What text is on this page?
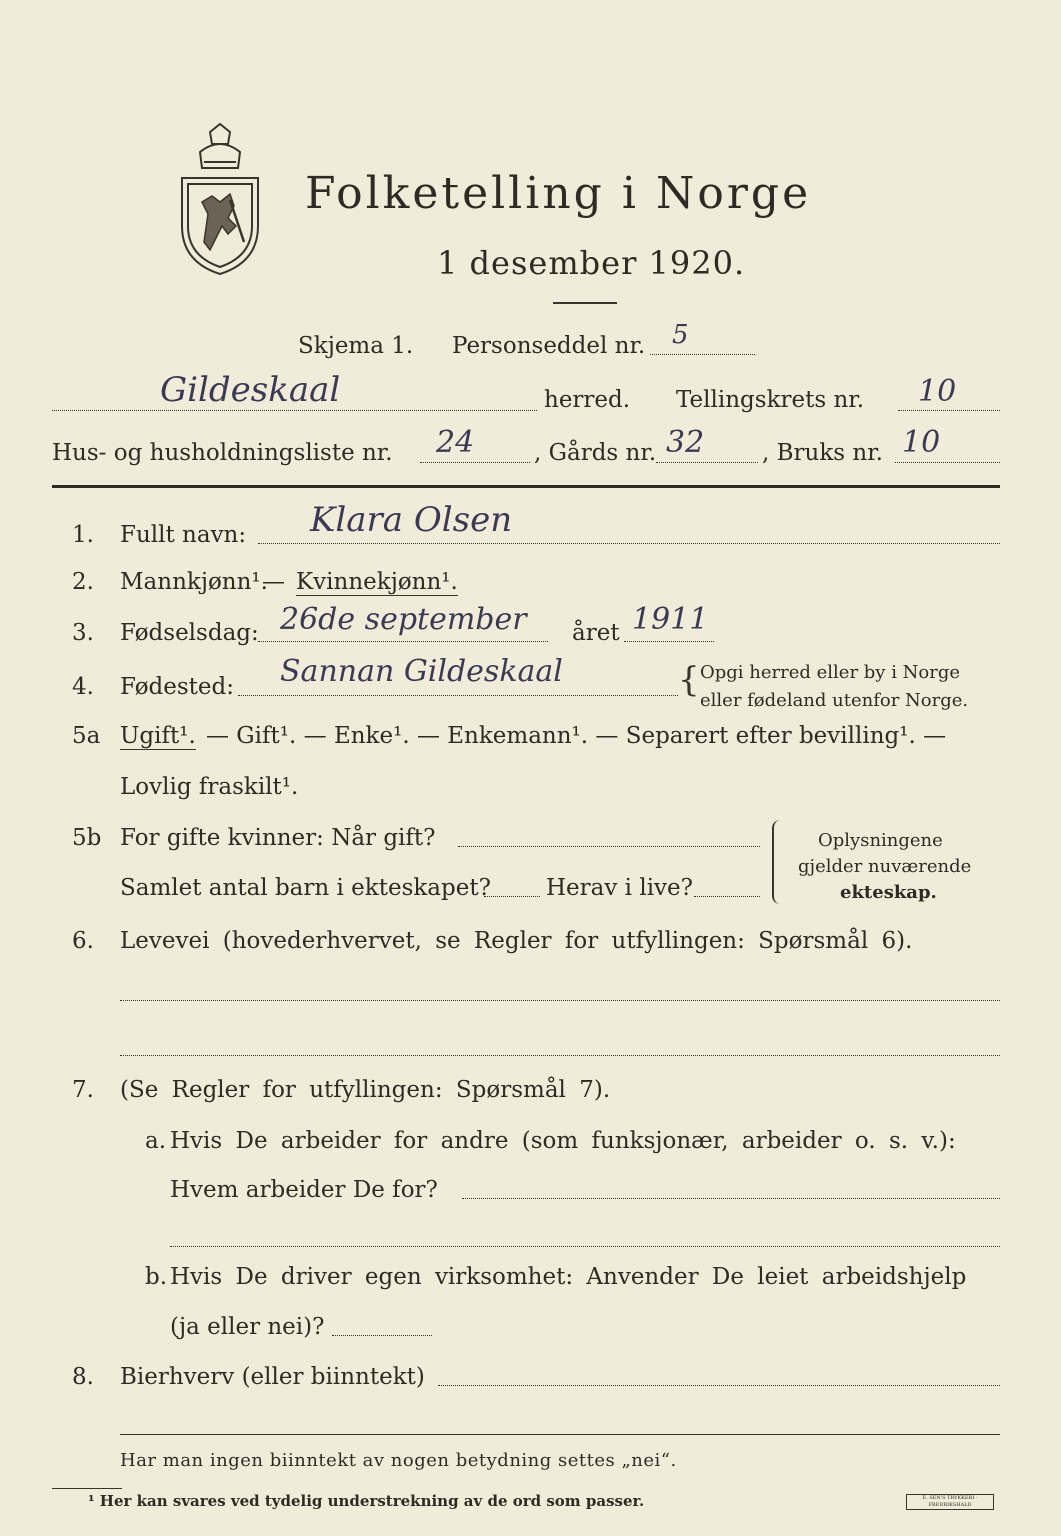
Folketelling i Norge
1 desember 1920.
Skjema 1. Personseddel nr. 5
Gildeskaal	herred. Tellingskrets nr. 10
Hus- og husholdningsliste nr. 24	, Gårds nr. 32	, Bruks nr. 10
1. Fullt navn: Klara Olsen
2. Mannkjønn¹.
— Kvinnekjønn¹.
3. Fødselsdag: 26de september året 1911
4. Fødested: Sannan Gildeskaal	{ Opgi herred eller by i Norge
eller fødeland utenfor Norge.
5a Ugift¹. — Gift¹. — Enke¹. — Enkemann¹. — Separert efter bevilling¹. —
Lovlig fraskilt¹.
5b For gifte kvinner: Når gift?
Samlet antal barn i ekteskapet? Herav i live?
Oplysningene
gjelder nuværende
ekteskap.
6. Levevei (hovederhvervet, se Regler for utfyllingen: Spørsmål 6).
7. (Se Regler for utfyllingen: Spørsmål 7).
a. Hvis De arbeider for andre (som funksjonær, arbeider o. s. v.):
Hvem arbeider De for?
b. Hvis De driver egen virksomhet: Anvender De leiet arbeidshjelp
(ja eller nei)?
8. Bierhverv (eller biinntekt)
Har man ingen biinntekt av nogen betydning settes „nei“.
¹ Her kan svares ved tydelig understrekning av de ord som passer.	E. SEN'S TRYKKERI · FREDRIKSHALD
